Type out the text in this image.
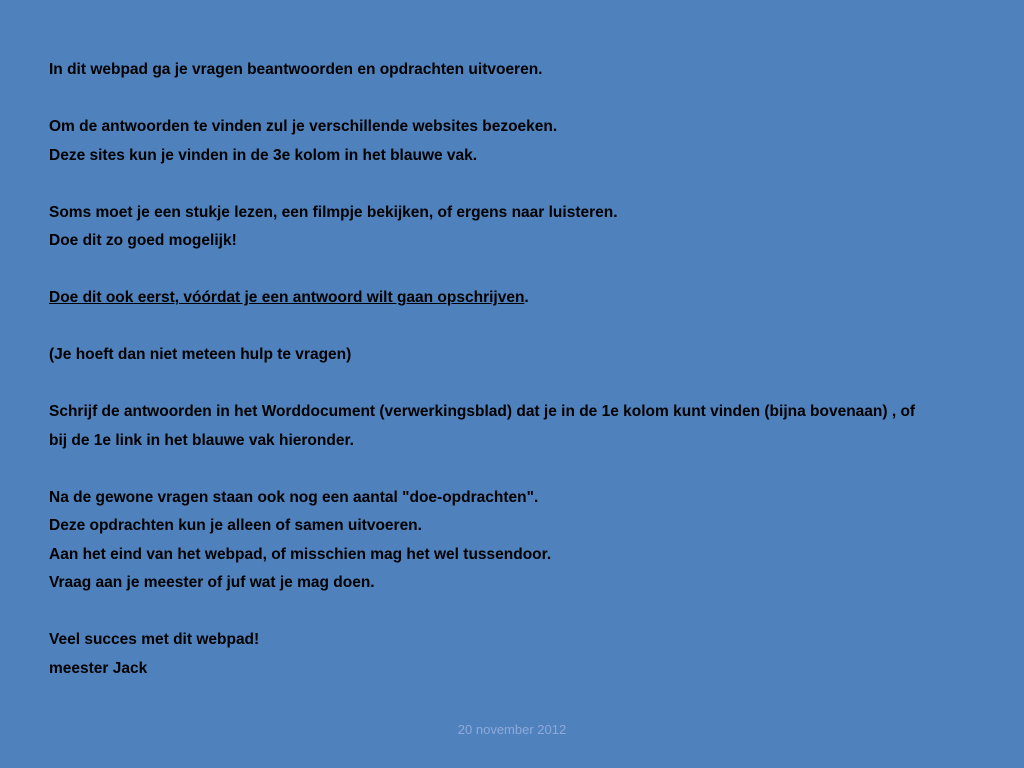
In dit webpad ga je vragen beantwoorden en opdrachten uitvoeren.

Om de antwoorden te vinden zul je verschillende websites bezoeken.

Deze sites kun je vinden in de 3e kolom in het blauwe vak.

Soms moet je een stukje lezen, een filmpje bekijken, of ergens naar luisteren.

Doe dit zo goed mogelijk!

Doe dit ook eerst, vóórdat je een antwoord wilt gaan opschrijven.

(Je hoeft dan niet meteen hulp te vragen)

Schrijf de antwoorden in het Worddocument (verwerkingsblad) dat je in de 1e kolom kunt vinden (bijna bovenaan) , of

bij de 1e link in het blauwe vak hieronder.

Na de gewone vragen staan ook nog een aantal "doe-opdrachten".

Deze opdrachten kun je alleen of samen uitvoeren.

Aan het eind van het webpad, of misschien mag het wel tussendoor.

Vraag aan je meester of juf wat je mag doen.

Veel succes met dit webpad!

meester Jack

20 november 2012
